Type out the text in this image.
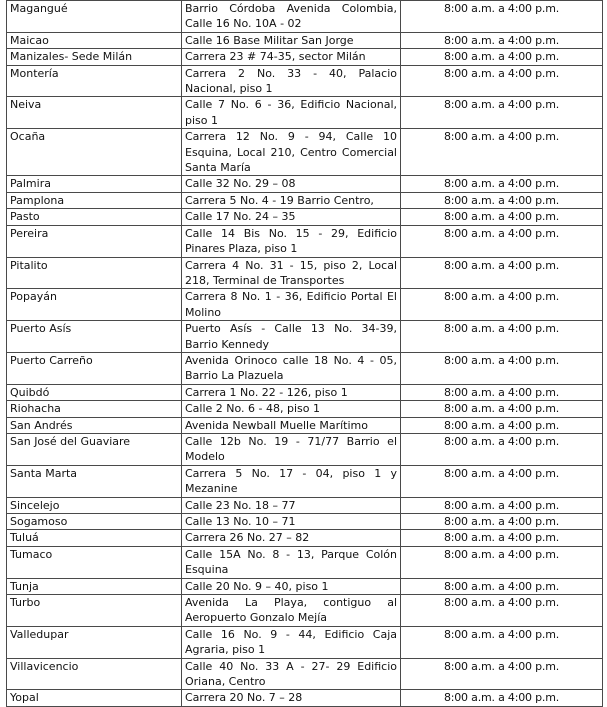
Magangué	Barrio Córdoba Avenida Colombia, Calle 16 No. 10A - 02	8:00 a.m. a 4:00 p.m.
Maicao	Calle 16 Base Militar San Jorge	8:00 a.m. a 4:00 p.m.
Manizales- Sede Milán	Carrera 23 # 74-35, sector Milán	8:00 a.m. a 4:00 p.m.
Montería	Carrera 2 No. 33 - 40, Palacio Nacional, piso 1	8:00 a.m. a 4:00 p.m.
Neiva	Calle 7 No. 6 - 36, Edificio Nacional, piso 1	8:00 a.m. a 4:00 p.m.
Ocaña	Carrera 12 No. 9 - 94, Calle 10 Esquina, Local 210, Centro Comercial Santa María	8:00 a.m. a 4:00 p.m.
Palmira	Calle 32 No. 29 – 08	8:00 a.m. a 4:00 p.m.
Pamplona	Carrera 5 No. 4 - 19 Barrio Centro,	8:00 a.m. a 4:00 p.m.
Pasto	Calle 17 No. 24 – 35	8:00 a.m. a 4:00 p.m.
Pereira	Calle 14 Bis No. 15 - 29, Edificio Pinares Plaza, piso 1	8:00 a.m. a 4:00 p.m.
Pitalito	Carrera 4 No. 31 - 15, piso 2, Local 218, Terminal de Transportes	8:00 a.m. a 4:00 p.m.
Popayán	Carrera 8 No. 1 - 36, Edificio Portal El Molino	8:00 a.m. a 4:00 p.m.
Puerto Asís	Puerto Asís - Calle 13 No. 34-39, Barrio Kennedy	8:00 a.m. a 4:00 p.m.
Puerto Carreño	Avenida Orinoco calle 18 No. 4 - 05, Barrio La Plazuela	8:00 a.m. a 4:00 p.m.
Quibdó	Carrera 1 No. 22 - 126, piso 1	8:00 a.m. a 4:00 p.m.
Riohacha	Calle 2 No. 6 - 48, piso 1	8:00 a.m. a 4:00 p.m.
San Andrés	Avenida Newball Muelle Marítimo	8:00 a.m. a 4:00 p.m.
San José del Guaviare	Calle 12b No. 19 - 71/77 Barrio el Modelo	8:00 a.m. a 4:00 p.m.
Santa Marta	Carrera 5 No. 17 - 04, piso 1 y Mezanine	8:00 a.m. a 4:00 p.m.
Sincelejo	Calle 23 No. 18 – 77	8:00 a.m. a 4:00 p.m.
Sogamoso	Calle 13 No. 10 – 71	8:00 a.m. a 4:00 p.m.
Tuluá	Carrera 26 No. 27 – 82	8:00 a.m. a 4:00 p.m.
Tumaco	Calle 15A No. 8 - 13, Parque Colón Esquina	8:00 a.m. a 4:00 p.m.
Tunja	Calle 20 No. 9 – 40, piso 1	8:00 a.m. a 4:00 p.m.
Turbo	Avenida La Playa, contiguo al Aeropuerto Gonzalo Mejía	8:00 a.m. a 4:00 p.m.
Valledupar	Calle 16 No. 9 - 44, Edificio Caja Agraria, piso 1	8:00 a.m. a 4:00 p.m.
Villavicencio	Calle 40 No. 33 A - 27- 29 Edificio Oriana, Centro	8:00 a.m. a 4:00 p.m.
Yopal	Carrera 20 No. 7 – 28	8:00 a.m. a 4:00 p.m.
